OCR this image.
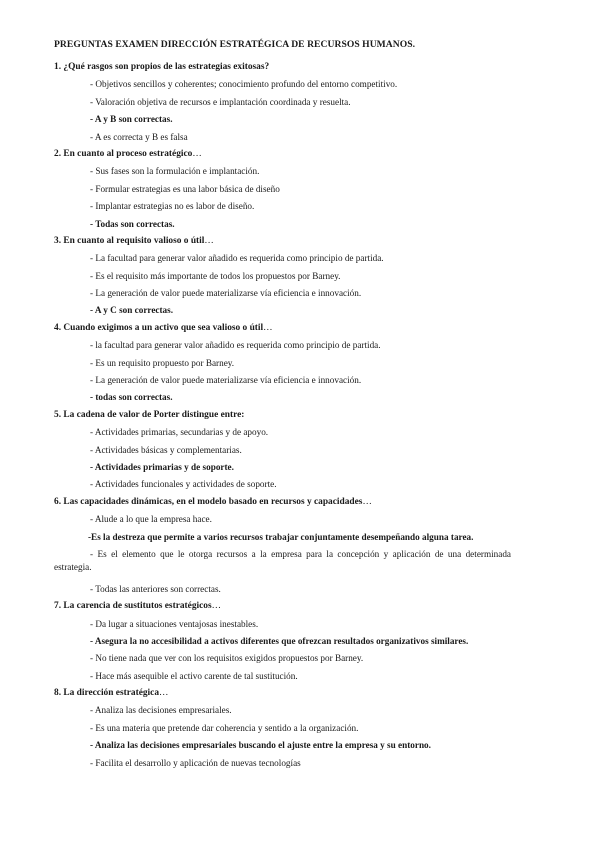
PREGUNTAS EXAMEN DIRECCIÓN ESTRATÉGICA DE RECURSOS HUMANOS.
1. ¿Qué rasgos son propios de las estrategias exitosas?
- Objetivos sencillos y coherentes; conocimiento profundo del entorno competitivo.
- Valoración objetiva de recursos e implantación coordinada y resuelta.
- A y B son correctas.
- A es correcta y B es falsa
2. En cuanto al proceso estratégico…
- Sus fases son la formulación e implantación.
- Formular estrategias es una labor básica de diseño
- Implantar estrategias no es labor de diseño.
- Todas son correctas.
3. En cuanto al requisito valioso o útil…
- La facultad para generar valor añadido es requerida como principio de partida.
- Es el requisito más importante de todos los propuestos por Barney.
- La generación de valor puede materializarse vía eficiencia e innovación.
- A y C son correctas.
4. Cuando exigimos a un activo que sea valioso o útil…
- la facultad para generar valor añadido es requerida como principio de partida.
- Es un requisito propuesto por Barney.
- La generación de valor puede materializarse vía eficiencia e innovación.
- todas son correctas.
5. La cadena de valor de Porter distingue entre:
- Actividades primarias, secundarias y de apoyo.
- Actividades básicas y complementarias.
- Actividades primarias y de soporte.
- Actividades funcionales y actividades de soporte.
6. Las capacidades dinámicas, en el modelo basado en recursos y capacidades…
- Alude a lo que la empresa hace.
-Es la destreza que permite a varios recursos trabajar conjuntamente desempeñando alguna tarea.
- Es el elemento que le otorga recursos a la empresa para la concepción y aplicación de una determinada estrategia.
- Todas las anteriores son correctas.
7. La carencia de sustitutos estratégicos…
- Da lugar a situaciones ventajosas inestables.
- Asegura la no accesibilidad a activos diferentes que ofrezcan resultados organizativos similares.
- No tiene nada que ver con los requisitos exigidos propuestos por Barney.
- Hace más asequible el activo carente de tal sustitución.
8. La dirección estratégica…
- Analiza las decisiones empresariales.
- Es una materia que pretende dar coherencia y sentido a la organización.
- Analiza las decisiones empresariales buscando el ajuste entre la empresa y su entorno.
- Facilita el desarrollo y aplicación de nuevas tecnologías
